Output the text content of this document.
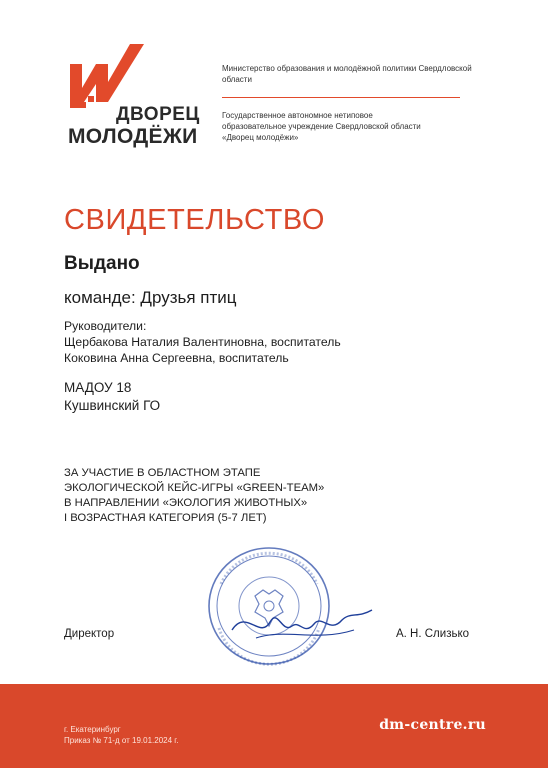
ДВОРЕЦ
МОЛОДЁЖИ
Министерство образования и молодёжной политики Свердловской области
Государственное автономное нетиповое
образовательное учреждение Свердловской области
«Дворец молодёжи»
СВИДЕТЕЛЬСТВО
Выдано
команде: Друзья птиц
Руководители:
Щербакова Наталия Валентиновна, воспитатель
Коковина Анна Сергеевна, воспитатель
МАДОУ 18
Кушвинский ГО
ЗА УЧАСТИЕ В ОБЛАСТНОМ ЭТАПЕ
ЭКОЛОГИЧЕСКОЙ КЕЙС-ИГРЫ «GREEN-TEAM»
В НАПРАВЛЕНИИ «ЭКОЛОГИЯ ЖИВОТНЫХ»
I ВОЗРАСТНАЯ КАТЕГОРИЯ (5-7 ЛЕТ)
Директор	А. Н. Слизько
г. Екатеринбург
Приказ № 71-д от 19.01.2024 г.
dm-centre.ru
